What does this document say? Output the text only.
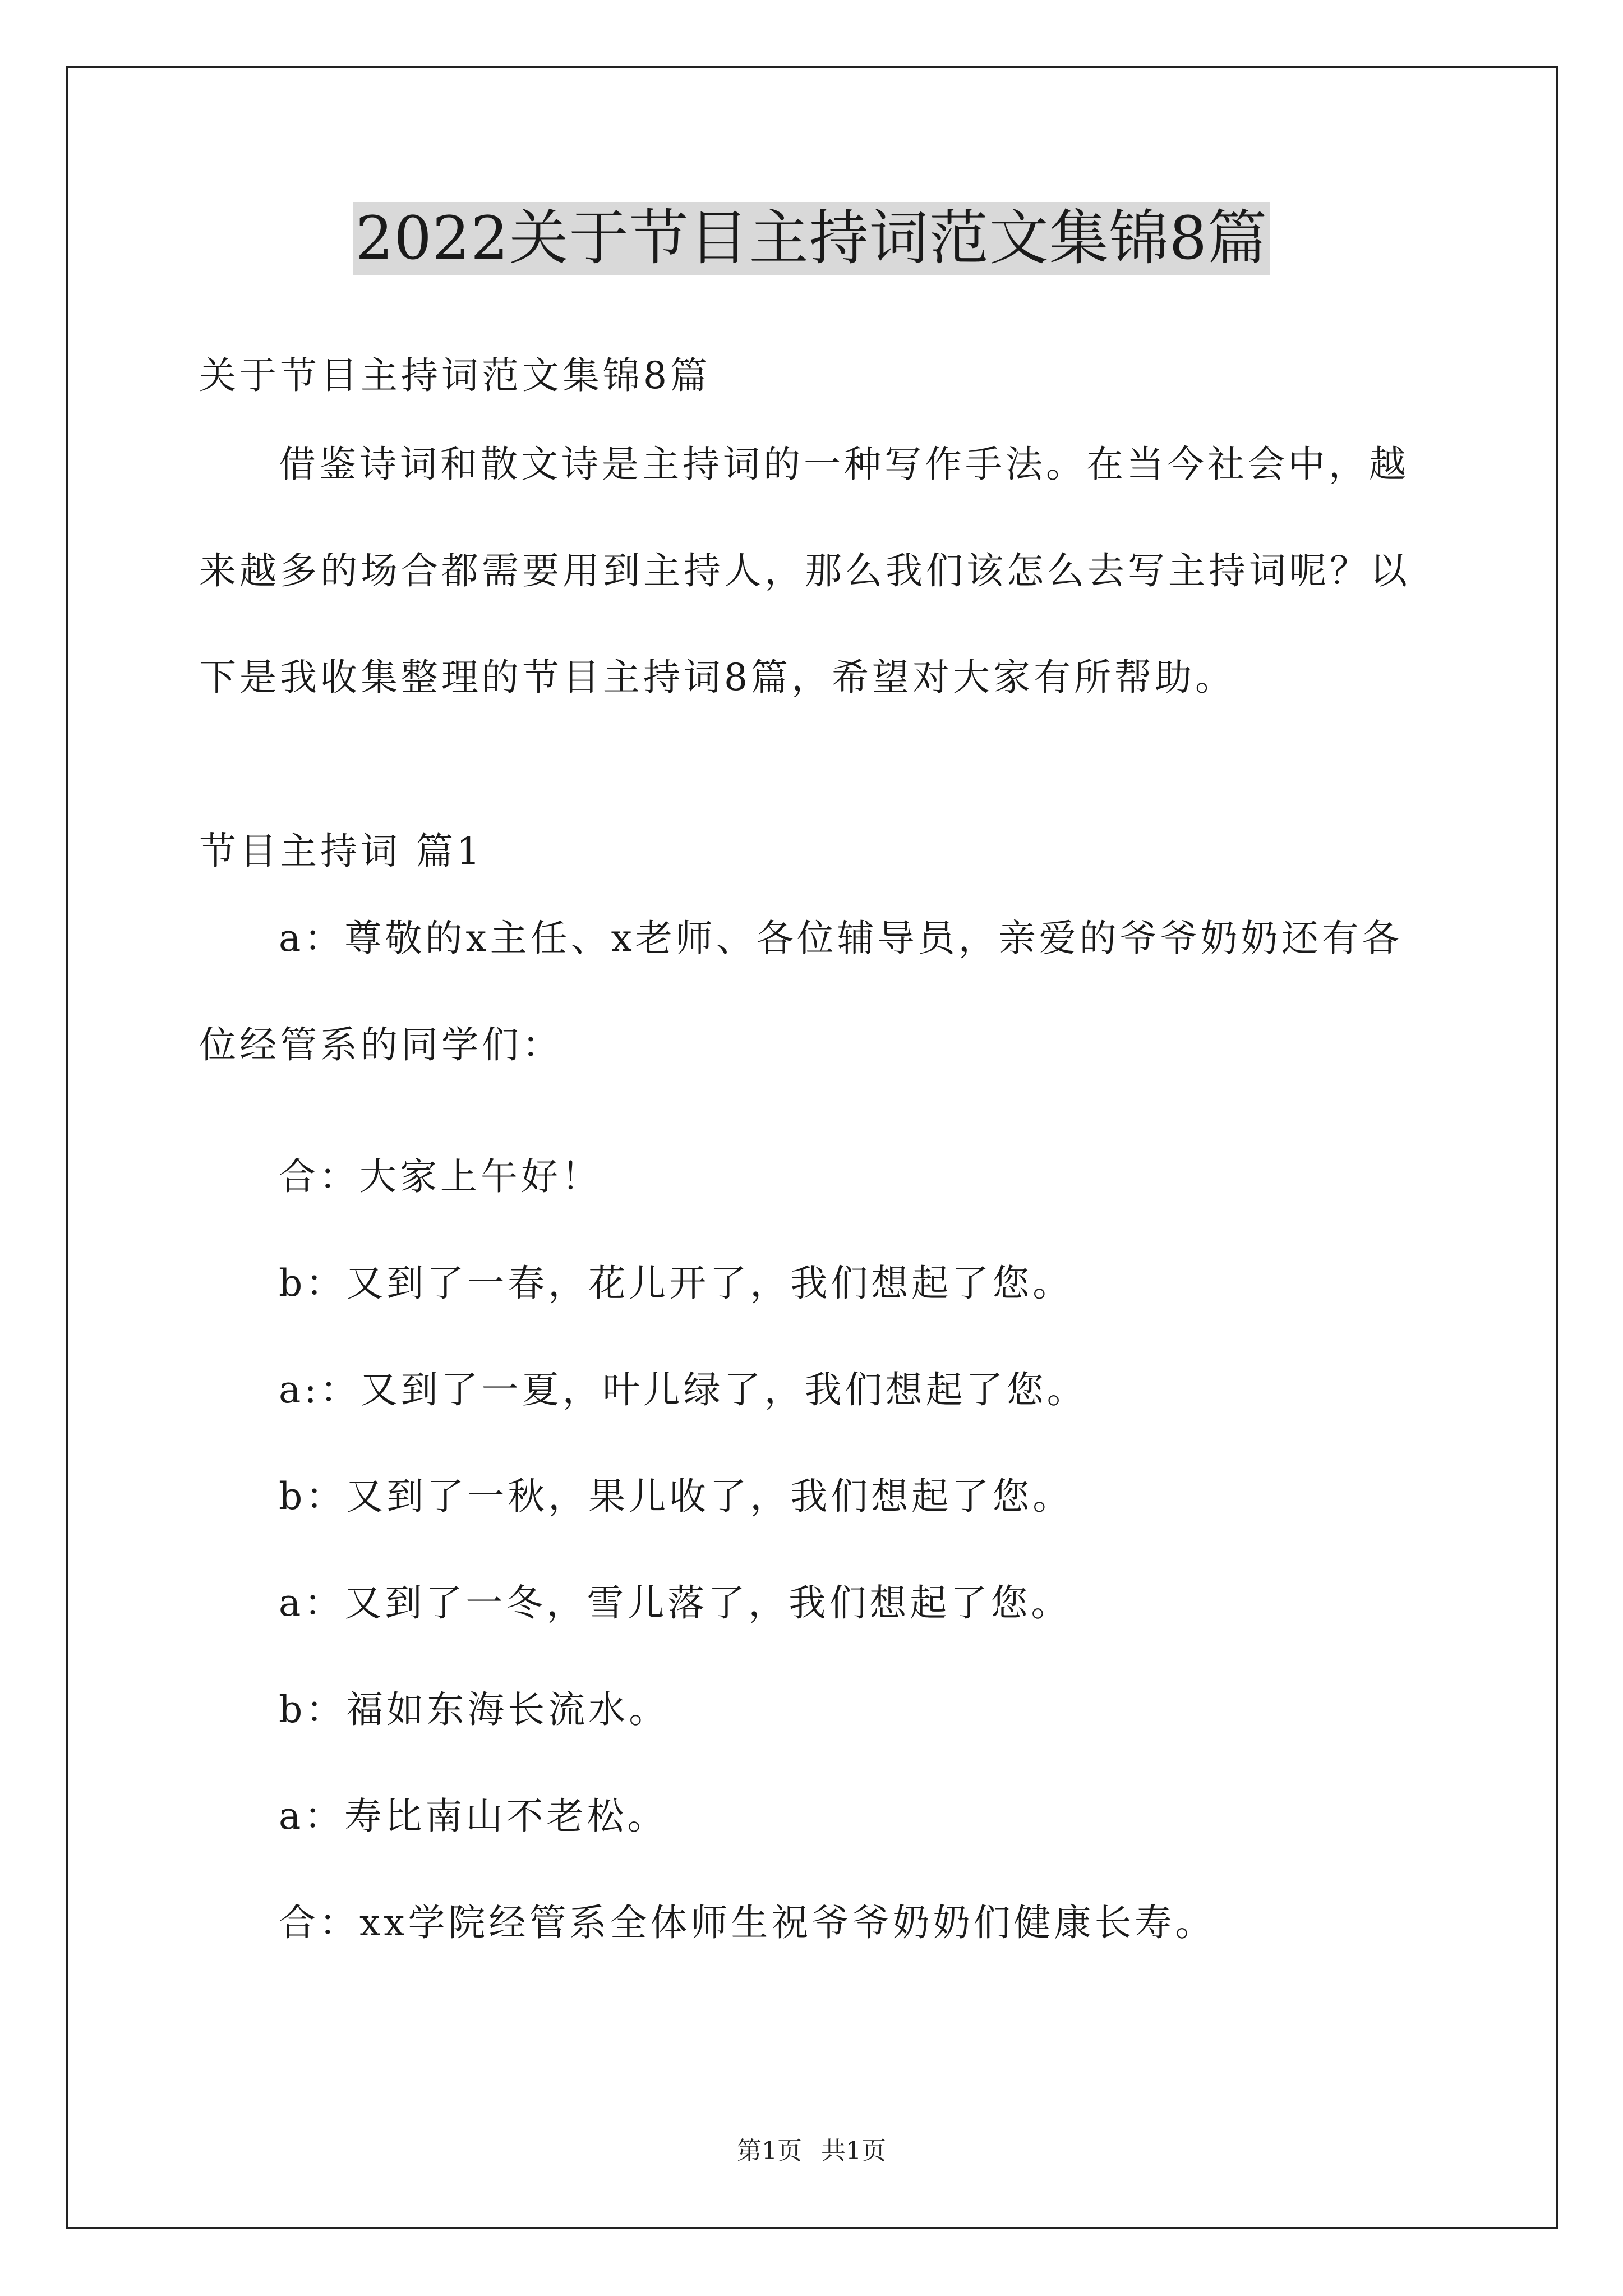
2022关于节目主持词范文集锦8篇

关于节目主持词范文集锦8篇

借鉴诗词和散文诗是主持词的一种写作手法。在当今社会中，越来越多的场合都需要用到主持人，那么我们该怎么去写主持词呢？以下是我收集整理的节目主持词8篇，希望对大家有所帮助。

节目主持词 篇1

a：尊敬的x主任、x老师、各位辅导员，亲爱的爷爷奶奶还有各位经管系的同学们：

合：大家上午好！

b：又到了一春，花儿开了，我们想起了您。

a:：又到了一夏，叶儿绿了，我们想起了您。

b：又到了一秋，果儿收了，我们想起了您。

a：又到了一冬，雪儿落了，我们想起了您。

b：福如东海长流水。

a：寿比南山不老松。

合：xx学院经管系全体师生祝爷爷奶奶们健康长寿。

第1页 共1页
